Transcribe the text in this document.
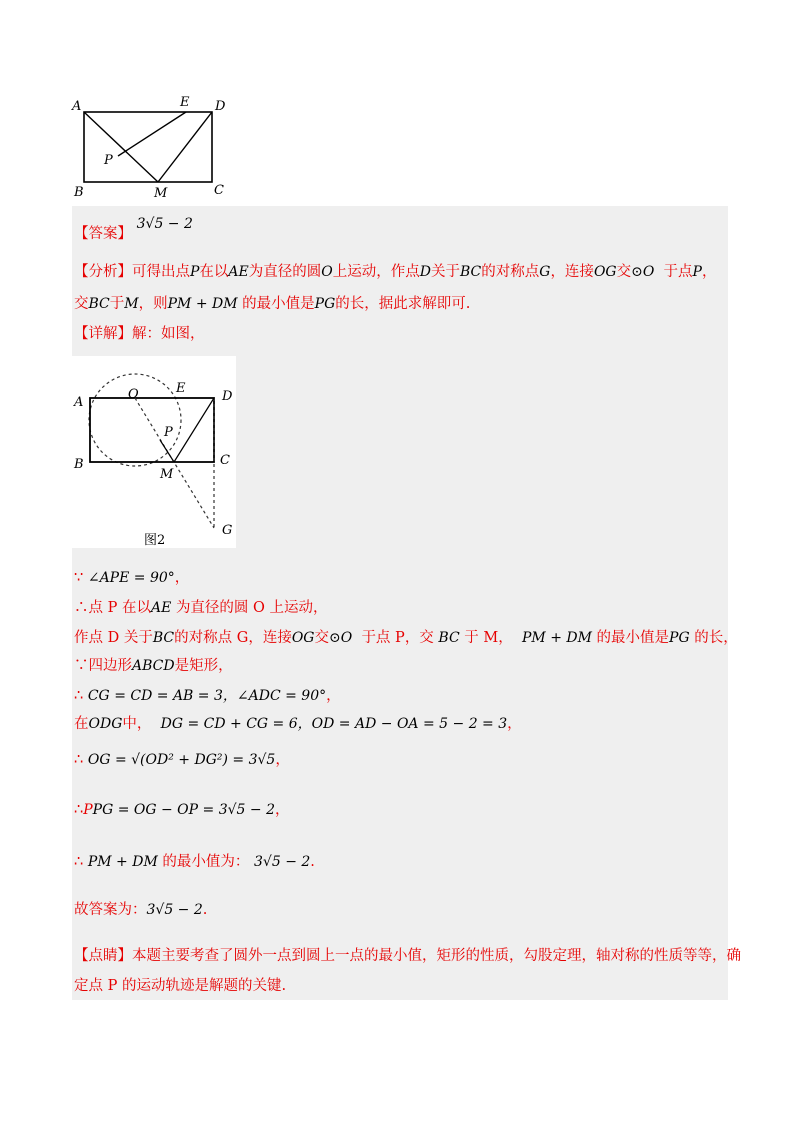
A	E D
P
B	M	C
【答案】 3√5 − 2
【分析】可得出点P在以AE为直径的圆O上运动，作点D关于BC的对称点G，连接OG交⊙O 于点P，
交BC于M，则PM + DM 的最小值是PG的长，据此求解即可.
【详解】解：如图，
A
O	E
D
P
B
M
C
G
图2
∵ ∠APE = 90°，
∴点 P 在以AE 为直径的圆 O 上运动，
作点 D 关于BC的对称点 G，连接OG交⊙O 于点 P，交 BC 于 M， PM + DM 的最小值是PG 的长，
∵四边形ABCD是矩形，
∴ CG = CD = AB = 3，∠ADC = 90°，
在ODG中， DG = CD + CG = 6，OD = AD − OA = 5 − 2 = 3，
∴ OG = √(OD² + DG²) = 3√5，
∴PPG = OG − OP = 3√5 − 2，
∴ PM + DM 的最小值为： 3√5 − 2.
故答案为：3√5 − 2.
【点睛】本题主要考查了圆外一点到圆上一点的最小值，矩形的性质，勾股定理，轴对称的性质等等，确
定点 P 的运动轨迹是解题的关键.
